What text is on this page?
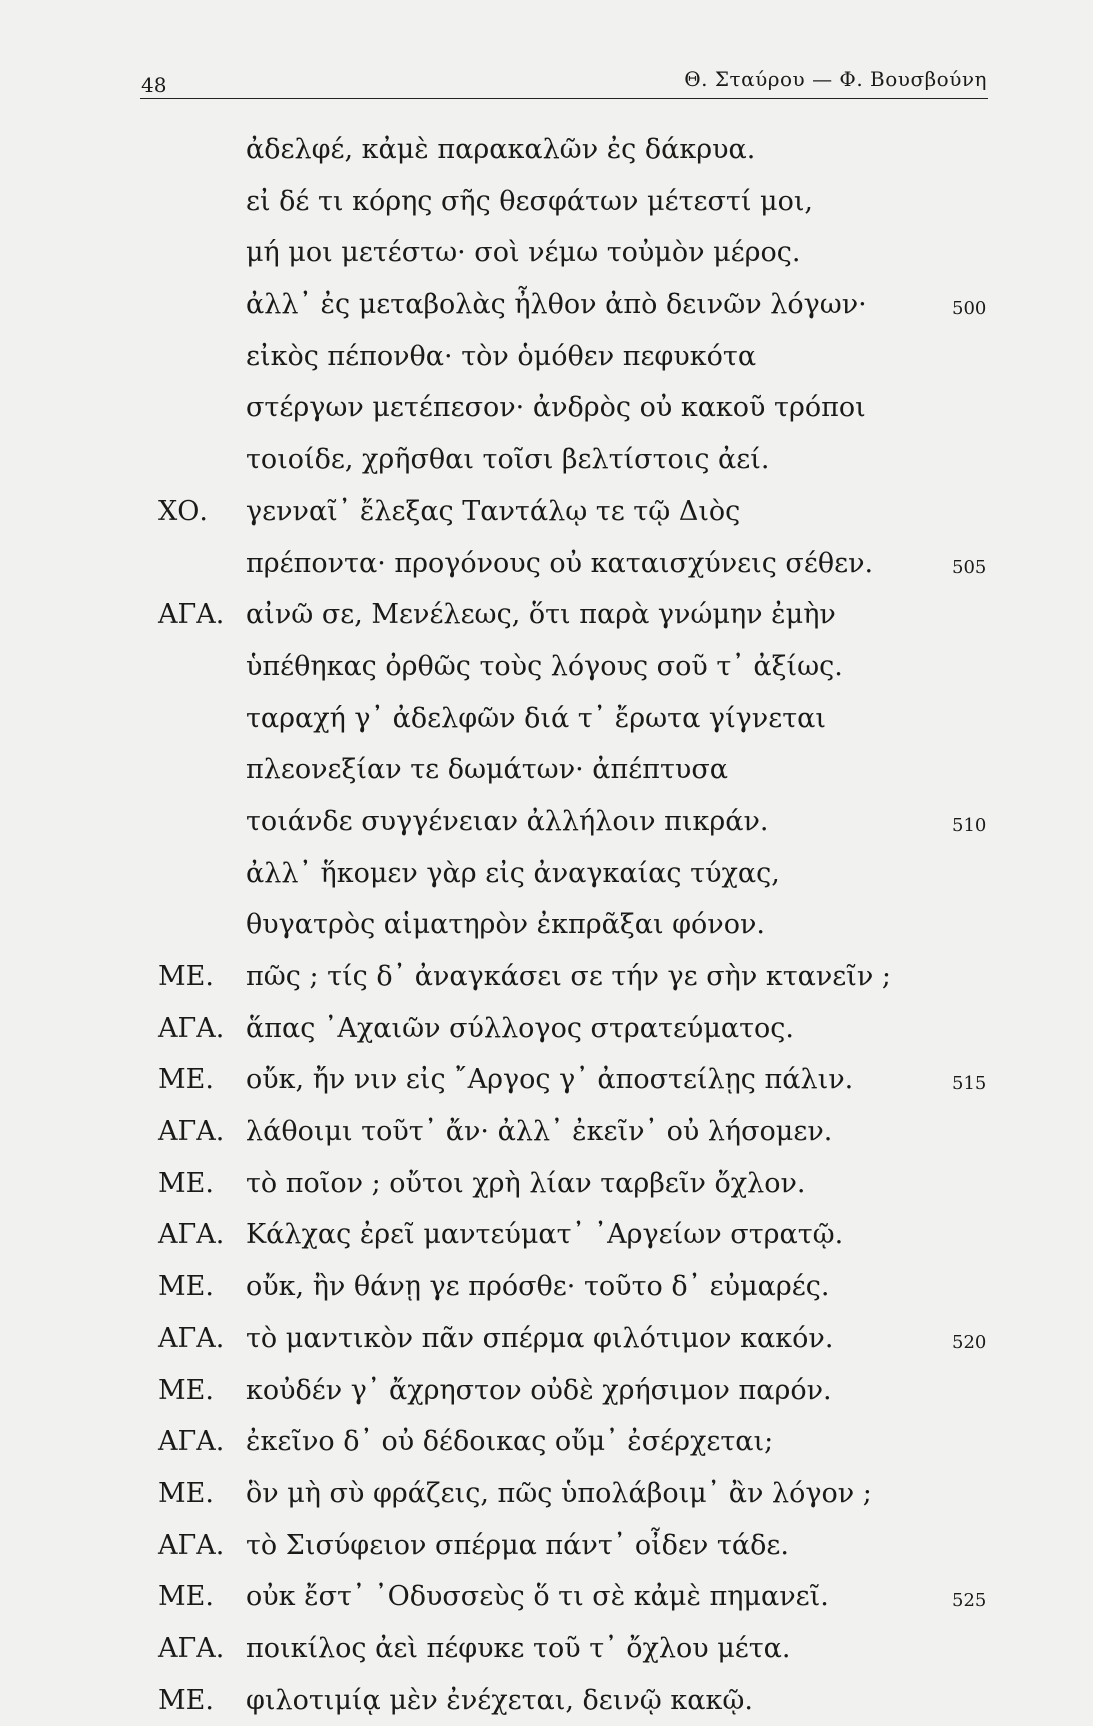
48	Θ. Σταύρου — Φ. Βουσβούνη
ἀδελφέ, κἀμὲ παρακαλῶν ἐς δάκρυα.
εἰ δέ τι κόρης σῆς θεσφάτων μέτεστί μοι,
μή μοι μετέστω· σοὶ νέμω τοὐμὸν μέρος.
ἀλλ᾿ ἐς μεταβολὰς ἦλθον ἀπὸ δεινῶν λόγων·	500
εἰκὸς πέπονθα· τὸν ὁμόθεν πεφυκότα
στέργων μετέπεσον· ἀνδρὸς οὐ κακοῦ τρόποι
τοιοίδε, χρῆσθαι τοῖσι βελτίστοις ἀεί.
ΧΟ. γενναῖ᾿ ἔλεξας Ταντάλῳ τε τῷ Διὸς
πρέποντα· προγόνους οὐ καταισχύνεις σέθεν.	505
ΑΓΑ. αἰνῶ σε, Μενέλεως, ὅτι παρὰ γνώμην ἐμὴν
ὑπέθηκας ὀρθῶς τοὺς λόγους σοῦ τ᾿ ἀξίως.
ταραχή γ᾿ ἀδελφῶν διά τ᾿ ἔρωτα γίγνεται
πλεονεξίαν τε δωμάτων· ἀπέπτυσα
τοιάνδε συγγένειαν ἀλλήλοιν πικράν.	510
ἀλλ᾿ ἥκομεν γὰρ εἰς ἀναγκαίας τύχας,
θυγατρὸς αἱματηρὸν ἐκπρᾶξαι φόνον.
ΜΕ. πῶς ; τίς δ᾿ ἀναγκάσει σε τήν γε σὴν κτανεῖν ;
ΑΓΑ. ἅπας ᾿Αχαιῶν σύλλογος στρατεύματος.
ΜΕ. οὔκ, ἤν νιν εἰς ῎Αργος γ᾿ ἀποστείλῃς πάλιν.	515
ΑΓΑ. λάθοιμι τοῦτ᾿ ἄν· ἀλλ᾿ ἐκεῖν᾿ οὐ λήσομεν.
ΜΕ. τὸ ποῖον ; οὔτοι χρὴ λίαν ταρβεῖν ὄχλον.
ΑΓΑ. Κάλχας ἐρεῖ μαντεύματ᾿ ᾿Αργείων στρατῷ.
ΜΕ. οὔκ, ἢν θάνῃ γε πρόσθε· τοῦτο δ᾿ εὐμαρές.
ΑΓΑ. τὸ μαντικὸν πᾶν σπέρμα φιλότιμον κακόν.	520
ΜΕ. κοὐδέν γ᾿ ἄχρηστον οὐδὲ χρήσιμον παρόν.
ΑΓΑ. ἐκεῖνο δ᾿ οὐ δέδοικας οὔμ᾿ ἐσέρχεται;
ΜΕ. ὃν μὴ σὺ φράζεις, πῶς ὑπολάβοιμ᾿ ἂν λόγον ;
ΑΓΑ. τὸ Σισύφειον σπέρμα πάντ᾿ οἶδεν τάδε.
ΜΕ. οὐκ ἔστ᾿ ᾿Οδυσσεὺς ὅ τι σὲ κἀμὲ πημανεῖ.	525
ΑΓΑ. ποικίλος ἀεὶ πέφυκε τοῦ τ᾿ ὄχλου μέτα.
ΜΕ. φιλοτιμίᾳ μὲν ἐνέχεται, δεινῷ κακῷ.
